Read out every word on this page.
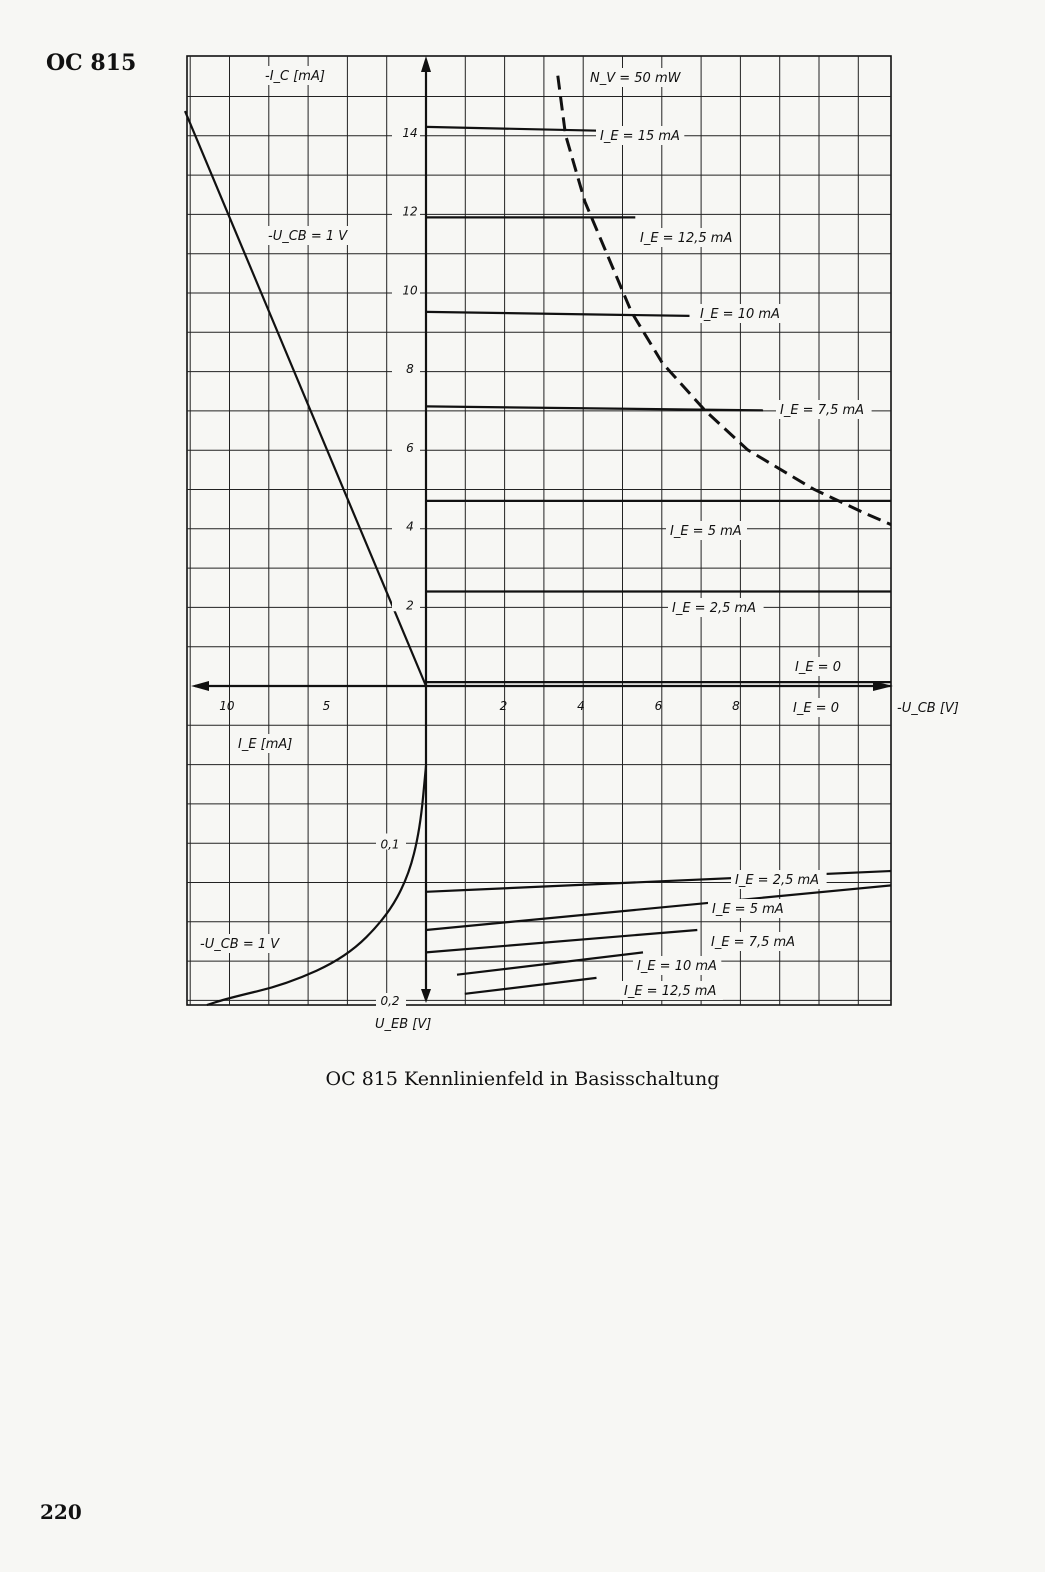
OC 815
2
4
6
8
10
12
14
2	4	6	8
I_E = 15 mA
I_E = 12,5 mA
I_E = 10 mA
I_E = 7,5 mA
I_E = 5 mA
I_E = 2,5 mA
I_E = 0
N_V = 50 mW
10	5
-U_CB = 1 V
0,1
0,2
-U_CB = 1 V
I_E = 2,5 mA
I_E = 5 mA
I_E = 7,5 mA
I_E = 10 mA
I_E = 12,5 mA
-I_C [mA]
-U_CB [V]
I_E [mA]
U_EB [V]
I_E = 0
OC 815 Kennlinienfeld in Basisschaltung
220
